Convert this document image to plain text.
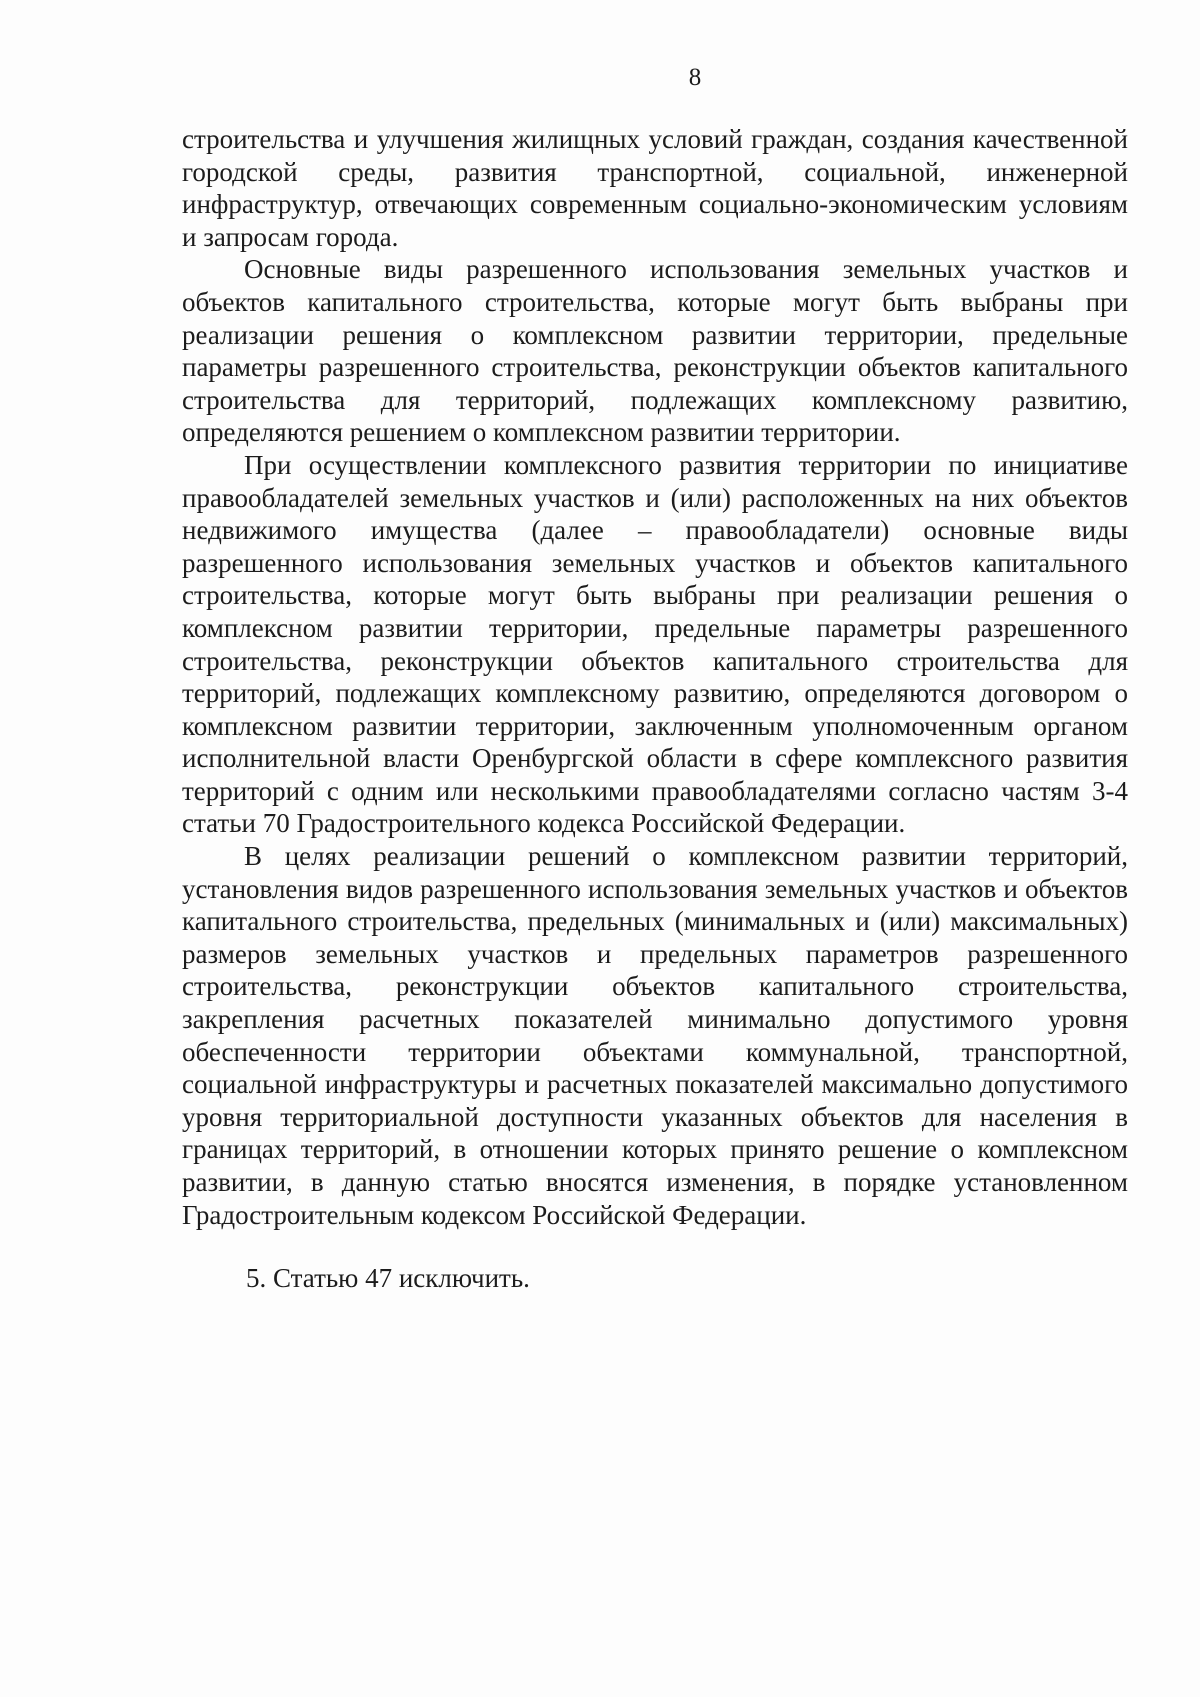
8

строительства и улучшения жилищных условий граждан, создания качественной городской среды, развития транспортной, социальной, инженерной инфраструктур, отвечающих современным социально-экономическим условиям и запросам города.

Основные виды разрешенного использования земельных участков и объектов капитального строительства, которые могут быть выбраны при реализации решения о комплексном развитии территории, предельные параметры разрешенного строительства, реконструкции объектов капитального строительства для территорий, подлежащих комплексному развитию, определяются решением о комплексном развитии территории.

При осуществлении комплексного развития территории по инициативе правообладателей земельных участков и (или) расположенных на них объектов недвижимого имущества (далее – правообладатели) основные виды разрешенного использования земельных участков и объектов капитального строительства, которые могут быть выбраны при реализации решения о комплексном развитии территории, предельные параметры разрешенного строительства, реконструкции объектов капитального строительства для территорий, подлежащих комплексному развитию, определяются договором о комплексном развитии территории, заключенным уполномоченным органом исполнительной власти Оренбургской области в сфере комплексного развития территорий с одним или несколькими правообладателями согласно частям 3-4 статьи 70 Градостроительного кодекса Российской Федерации.

В целях реализации решений о комплексном развитии территорий, установления видов разрешенного использования земельных участков и объектов капитального строительства, предельных (минимальных и (или) максимальных) размеров земельных участков и предельных параметров разрешенного строительства, реконструкции объектов капитального строительства, закрепления расчетных показателей минимально допустимого уровня обеспеченности территории объектами коммунальной, транспортной, социальной инфраструктуры и расчетных показателей максимально допустимого уровня территориальной доступности указанных объектов для населения в границах территорий, в отношении которых принято решение о комплексном развитии, в данную статью вносятся изменения, в порядке установленном Градостроительным кодексом Российской Федерации.

5. Статью 47 исключить.
